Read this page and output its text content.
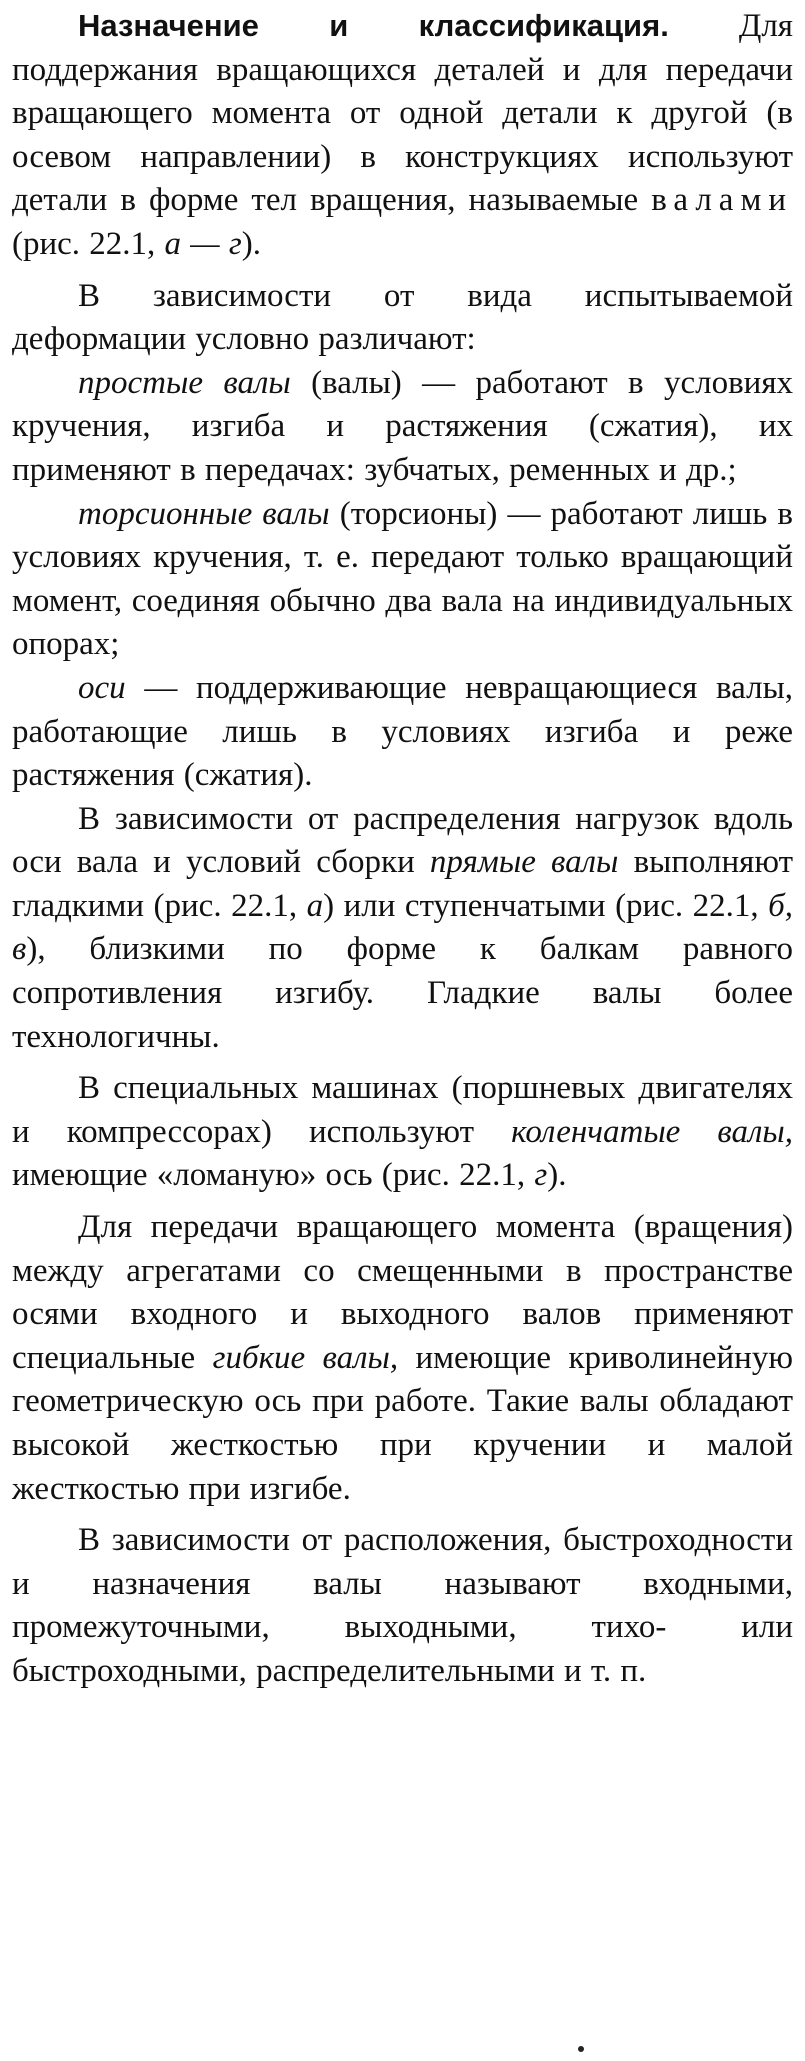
Назначение и классификация. Для поддержания вращающихся деталей и для передачи вращающего момента от одной детали к другой (в осевом направлении) в конструкциях используют детали в форме тел вращения, называемые валами (рис. 22.1, а — г).

В зависимости от вида испытываемой деформации условно различают:

простые валы (валы) — работают в условиях кручения, изгиба и растяжения (сжатия), их применяют в передачах: зубчатых, ременных и др.;

торсионные валы (торсионы) — работают лишь в условиях кручения, т. е. передают только вращающий момент, соединяя обычно два вала на индивидуальных опорах;

оси — поддерживающие невращающиеся валы, работающие лишь в условиях изгиба и реже растяжения (сжатия).

В зависимости от распределения нагрузок вдоль оси вала и условий сборки прямые валы выполняют гладкими (рис. 22.1, а) или ступенчатыми (рис. 22.1, б, в), близкими по форме к балкам равного сопротивления изгибу. Гладкие валы более технологичны.

В специальных машинах (поршневых двигателях и компрессорах) используют коленчатые валы, имеющие «ломаную» ось (рис. 22.1, г).

Для передачи вращающего момента (вращения) между агрегатами со смещенными в пространстве осями входного и выходного валов применяют специальные гибкие валы, имеющие криволинейную геометрическую ось при работе. Такие валы обладают высокой жесткостью при кручении и малой жесткостью при изгибе.

В зависимости от расположения, быстроходности и назначения валы называют входными, промежуточными, выходными, тихо- или быстроходными, распределительными и т. п.
